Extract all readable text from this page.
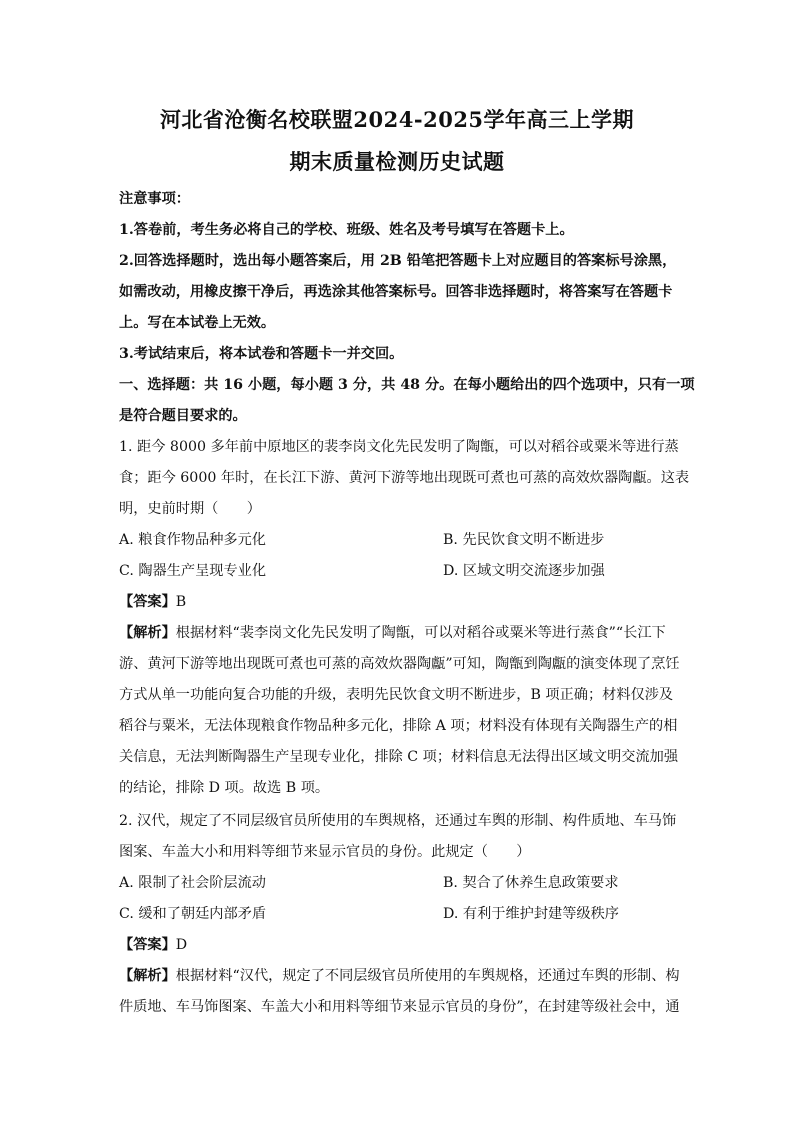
河北省沧衡名校联盟2024-2025学年高三上学期
期末质量检测历史试题
注意事项：
1.答卷前，考生务必将自己的学校、班级、姓名及考号填写在答题卡上。
2.回答选择题时，选出每小题答案后，用 2B 铅笔把答题卡上对应题目的答案标号涂黑，
如需改动，用橡皮擦干净后，再选涂其他答案标号。回答非选择题时，将答案写在答题卡
上。写在本试卷上无效。
3.考试结束后，将本试卷和答题卡一并交回。
一、选择题：共 16 小题，每小题 3 分，共 48 分。在每小题给出的四个选项中，只有一项
是符合题目要求的。
1. 距今 8000 多年前中原地区的裴李岗文化先民发明了陶甑，可以对稻谷或粟米等进行蒸
食；距今 6000 年时，在长江下游、黄河下游等地出现既可煮也可蒸的高效炊器陶甗。这表
明，史前时期（　　）
A. 粮食作物品种多元化	B. 先民饮食文明不断进步
C. 陶器生产呈现专业化	D. 区域文明交流逐步加强
【答案】B
【解析】根据材料“裴李岗文化先民发明了陶甑，可以对稻谷或粟米等进行蒸食”“长江下
游、黄河下游等地出现既可煮也可蒸的高效炊器陶甗”可知，陶甑到陶甗的演变体现了烹饪
方式从单一功能向复合功能的升级，表明先民饮食文明不断进步，B 项正确；材料仅涉及
稻谷与粟米，无法体现粮食作物品种多元化，排除 A 项；材料没有体现有关陶器生产的相
关信息，无法判断陶器生产呈现专业化，排除 C 项；材料信息无法得出区域文明交流加强
的结论，排除 D 项。故选 B 项。
2. 汉代，规定了不同层级官员所使用的车舆规格，还通过车舆的形制、构件质地、车马饰
图案、车盖大小和用料等细节来显示官员的身份。此规定（　　）
A. 限制了社会阶层流动	B. 契合了休养生息政策要求
C. 缓和了朝廷内部矛盾	D. 有利于维护封建等级秩序
【答案】D
【解析】根据材料“汉代，规定了不同层级官员所使用的车舆规格，还通过车舆的形制、构
件质地、车马饰图案、车盖大小和用料等细节来显示官员的身份”，在封建等级社会中，通
